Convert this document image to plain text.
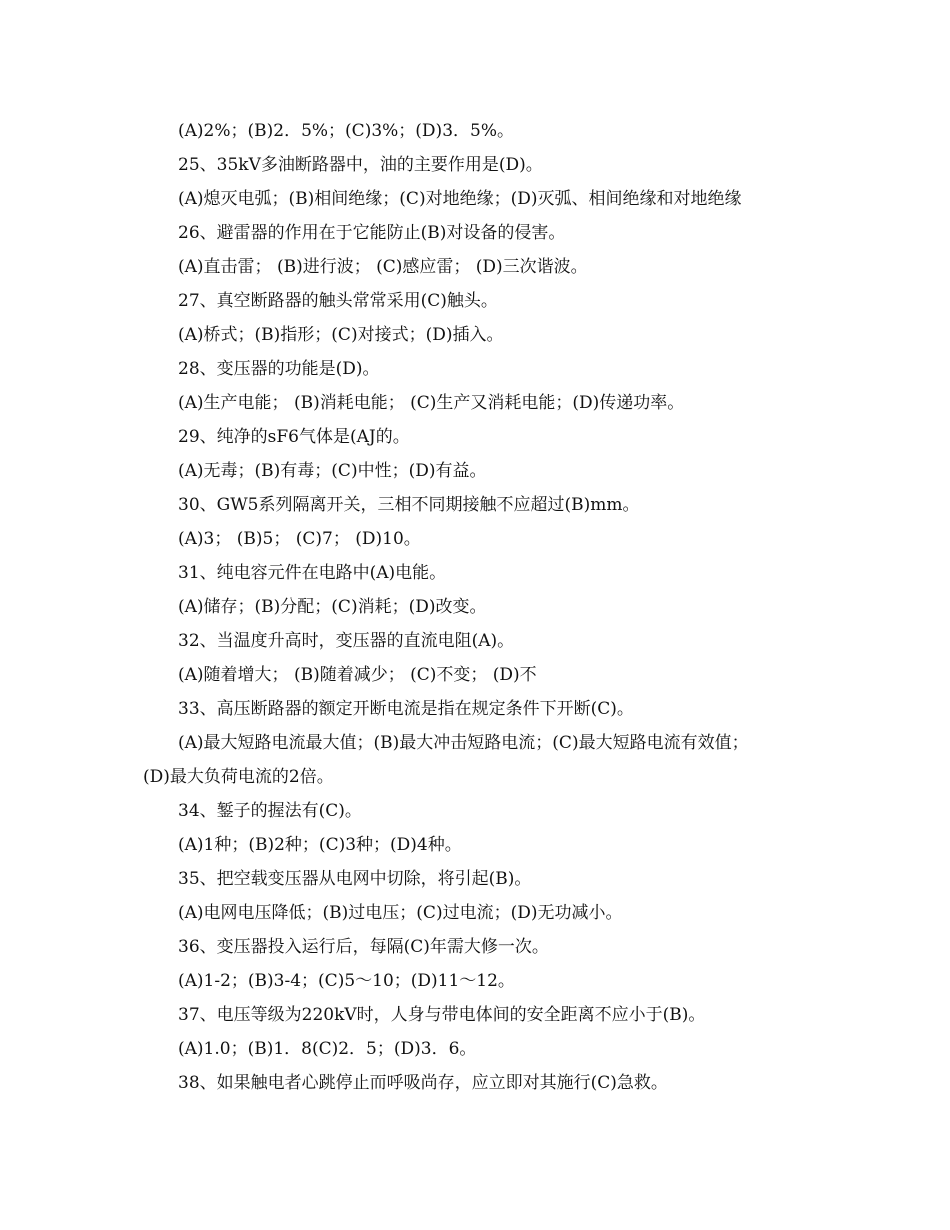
(A)2%；(B)2．5%；(C)3%；(D)3．5%。
25、35kV多油断路器中，油的主要作用是(D)。
(A)熄灭电弧；(B)相间绝缘；(C)对地绝缘；(D)灭弧、相间绝缘和对地绝缘
26、避雷器的作用在于它能防止(B)对设备的侵害。
(A)直击雷； (B)进行波； (C)感应雷； (D)三次谐波。
27、真空断路器的触头常常采用(C)触头。
(A)桥式；(B)指形；(C)对接式；(D)插入。
28、变压器的功能是(D)。
(A)生产电能； (B)消耗电能； (C)生产又消耗电能；(D)传递功率。
29、纯净的sF6气体是(AJ的。
(A)无毒；(B)有毒；(C)中性；(D)有益。
30、GW5系列隔离开关，三相不同期接触不应超过(B)mm。
(A)3； (B)5； (C)7； (D)10。
31、纯电容元件在电路中(A)电能。
(A)储存；(B)分配；(C)消耗；(D)改变。
32、当温度升高时，变压器的直流电阻(A)。
(A)随着增大； (B)随着减少； (C)不变； (D)不
33、高压断路器的额定开断电流是指在规定条件下开断(C)。
(A)最大短路电流最大值；(B)最大冲击短路电流；(C)最大短路电流有效值；
(D)最大负荷电流的2倍。
34、錾子的握法有(C)。
(A)1种；(B)2种；(C)3种；(D)4种。
35、把空载变压器从电网中切除，将引起(B)。
(A)电网电压降低；(B)过电压；(C)过电流；(D)无功减小。
36、变压器投入运行后，每隔(C)年需大修一次。
(A)1-2；(B)3-4；(C)5～10；(D)11～12。
37、电压等级为220kV时，人身与带电体间的安全距离不应小于(B)。
(A)1.0；(B)1．8(C)2．5；(D)3．6。
38、如果触电者心跳停止而呼吸尚存，应立即对其施行(C)急救。
